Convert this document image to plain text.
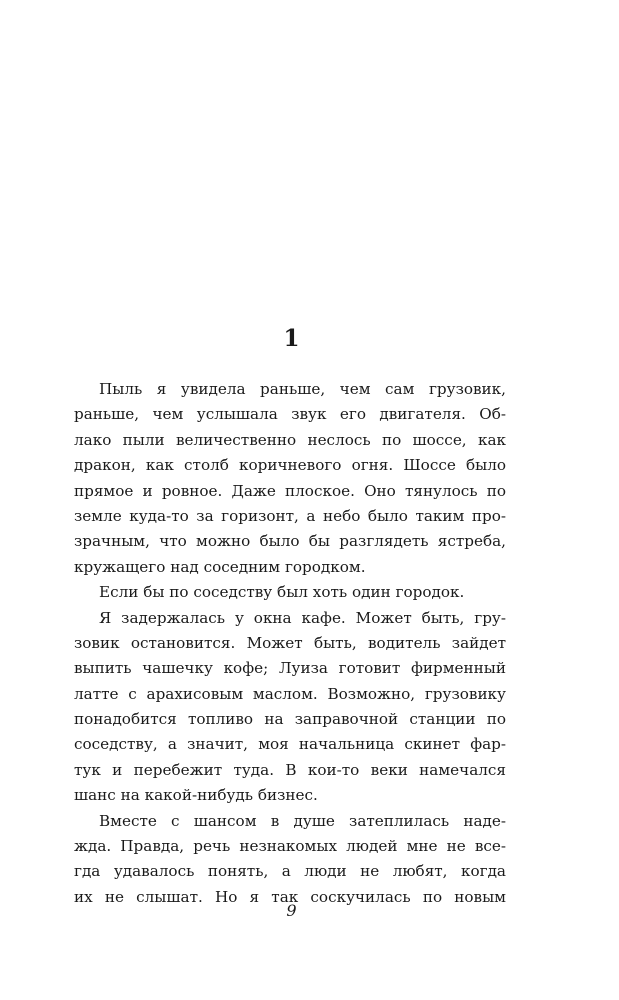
1
Пыль я увидела раньше, чем сам грузовик,
раньше, чем услышала звук его двигателя. Об-
лако пыли величественно неслось по шоссе, как
дракон, как столб коричневого огня. Шоссе было
прямое и ровное. Даже плоское. Оно тянулось по
земле куда-то за горизонт, а небо было таким про-
зрачным, что можно было бы разглядеть ястреба,
кружащего над соседним городком.
Если бы по соседству был хоть один городок.
Я задержалась у окна кафе. Может быть, гру-
зовик остановится. Может быть, водитель зайдет
выпить чашечку кофе; Луиза готовит фирменный
латте с арахисовым маслом. Возможно, грузовику
понадобится топливо на заправочной станции по
соседству, а значит, моя начальница скинет фар-
тук и перебежит туда. В кои-то веки намечался
шанс на какой-нибудь бизнес.
Вместе с шансом в душе затеплилась наде-
жда. Правда, речь незнакомых людей мне не все-
гда удавалось понять, а люди не любят, когда
их не слышат. Но я так соскучилась по новым
9
